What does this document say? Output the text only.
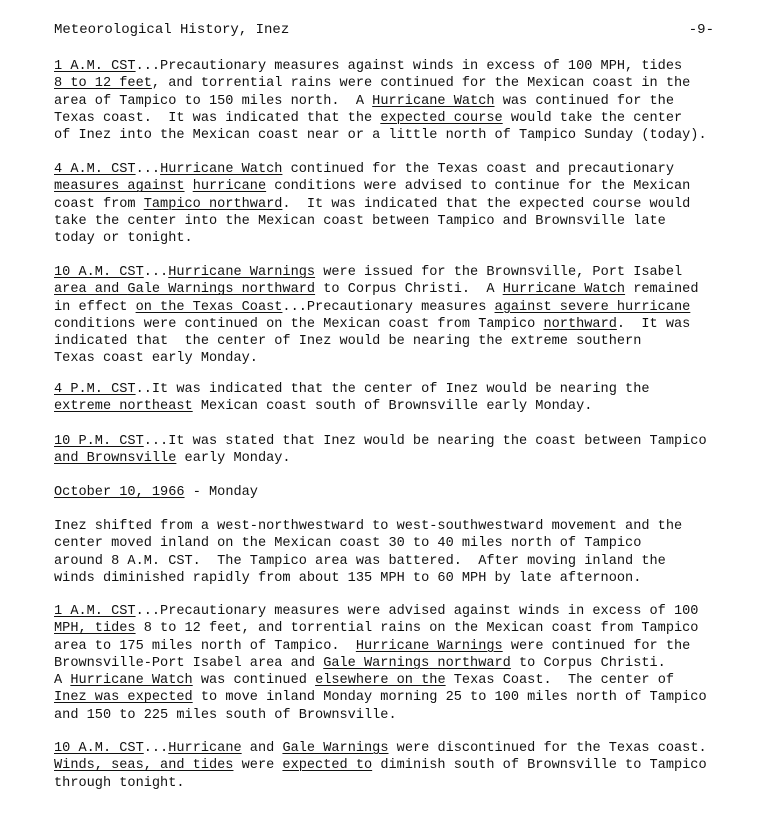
Meteorological History, Inez	-9-
1 A.M. CST...Precautionary measures against winds in excess of 100 MPH, tides
8 to 12 feet, and torrential rains were continued for the Mexican coast in the
area of Tampico to 150 miles north.  A Hurricane Watch was continued for the
Texas coast.  It was indicated that the expected course would take the center
of Inez into the Mexican coast near or a little north of Tampico Sunday (today).
4 A.M. CST...Hurricane Watch continued for the Texas coast and precautionary
measures against hurricane conditions were advised to continue for the Mexican
coast from Tampico northward.  It was indicated that the expected course would
take the center into the Mexican coast between Tampico and Brownsville late
today or tonight.
10 A.M. CST...Hurricane Warnings were issued for the Brownsville, Port Isabel
area and Gale Warnings northward to Corpus Christi.  A Hurricane Watch remained
in effect on the Texas Coast...Precautionary measures against severe hurricane
conditions were continued on the Mexican coast from Tampico northward.  It was
indicated that  the center of Inez would be nearing the extreme southern
Texas coast early Monday.
4 P.M. CST..It was indicated that the center of Inez would be nearing the
extreme northeast Mexican coast south of Brownsville early Monday.
10 P.M. CST...It was stated that Inez would be nearing the coast between Tampico
and Brownsville early Monday.
October 10, 1966 - Monday
Inez shifted from a west-northwestward to west-southwestward movement and the
center moved inland on the Mexican coast 30 to 40 miles north of Tampico
around 8 A.M. CST.  The Tampico area was battered.  After moving inland the
winds diminished rapidly from about 135 MPH to 60 MPH by late afternoon.
1 A.M. CST...Precautionary measures were advised against winds in excess of 100
MPH, tides 8 to 12 feet, and torrential rains on the Mexican coast from Tampico
area to 175 miles north of Tampico.  Hurricane Warnings were continued for the
Brownsville-Port Isabel area and Gale Warnings northward to Corpus Christi.
A Hurricane Watch was continued elsewhere on the Texas Coast.  The center of
Inez was expected to move inland Monday morning 25 to 100 miles north of Tampico
and 150 to 225 miles south of Brownsville.
10 A.M. CST...Hurricane and Gale Warnings were discontinued for the Texas coast.
Winds, seas, and tides were expected to diminish south of Brownsville to Tampico
through tonight.
